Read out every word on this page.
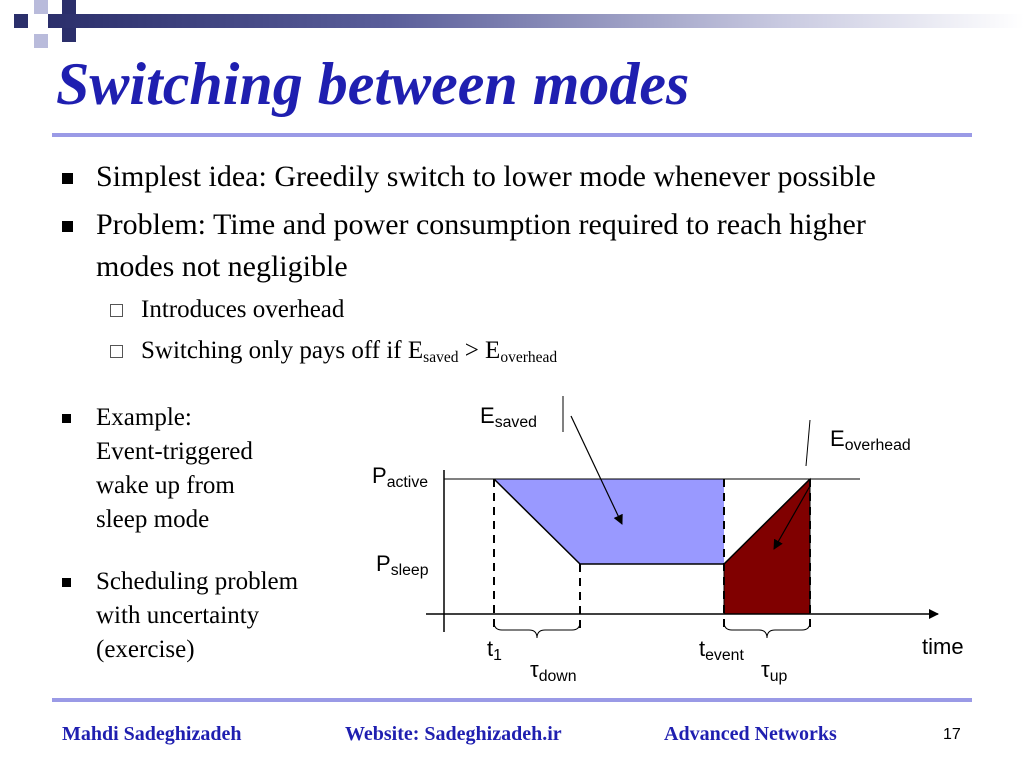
Switching between modes
Simplest idea: Greedily switch to lower mode whenever possible
Problem: Time and power consumption required to reach higher
modes not negligible
Introduces overhead
Switching only pays off if $E_{saved} > E_{overhead}$
Example:
Event-triggered
wake up from
sleep mode
Scheduling problem
with uncertainty
(exercise)
$E_{saved}$
$E_{overhead}$
$P_{active}$
$P_{sleep}$
$t_1$
$\tau_{down}$
$t_{event}$
$\tau_{up}$
time
Mahdi Sadeghizadeh	Website: Sadeghizadeh.ir	Advanced Networks	17
